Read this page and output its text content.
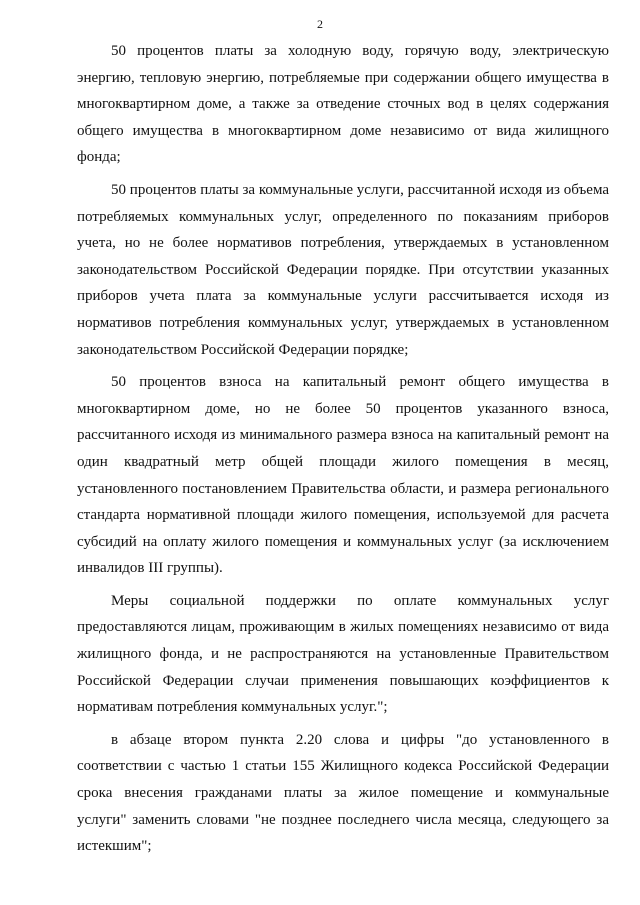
2

50 процентов платы за холодную воду, горячую воду, электрическую энергию, тепловую энергию, потребляемые при содержании общего имущества в многоквартирном доме, а также за отведение сточных вод в целях содержания общего имущества в многоквартирном доме независимо от вида жилищного фонда;

50 процентов платы за коммунальные услуги, рассчитанной исходя из объема потребляемых коммунальных услуг, определенного по показаниям приборов учета, но не более нормативов потребления, утверждаемых в установленном законодательством Российской Федерации порядке. При отсутствии указанных приборов учета плата за коммунальные услуги рассчитывается исходя из нормативов потребления коммунальных услуг, утверждаемых в установленном законодательством Российской Федерации порядке;

50 процентов взноса на капитальный ремонт общего имущества в многоквартирном доме, но не более 50 процентов указанного взноса, рассчитанного исходя из минимального размера взноса на капитальный ремонт на один квадратный метр общей площади жилого помещения в месяц, установленного постановлением Правительства области, и размера регионального стандарта нормативной площади жилого помещения, используемой для расчета субсидий на оплату жилого помещения и коммунальных услуг (за исключением инвалидов III группы).

Меры социальной поддержки по оплате коммунальных услуг предоставляются лицам, проживающим в жилых помещениях независимо от вида жилищного фонда, и не распространяются на установленные Правительством Российской Федерации случаи применения повышающих коэффициентов к нормативам потребления коммунальных услуг.";

в абзаце втором пункта 2.20 слова и цифры "до установленного в соответствии с частью 1 статьи 155 Жилищного кодекса Российской Федерации срока внесения гражданами платы за жилое помещение и коммунальные услуги" заменить словами "не позднее последнего числа месяца, следующего за истекшим";
